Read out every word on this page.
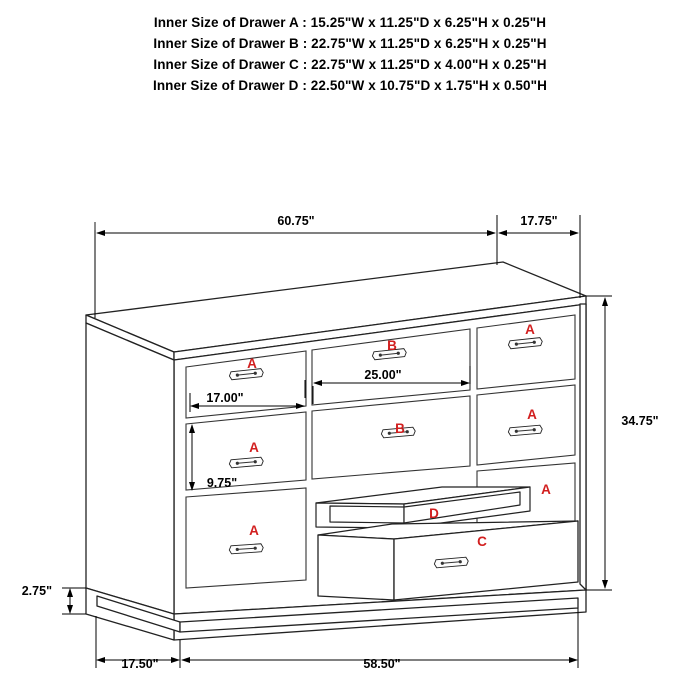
Inner Size of Drawer A : 15.25"W x 11.25"D x 6.25"H x 0.25"H
Inner Size of Drawer B : 22.75"W x 11.25"D x 6.25"H x 0.25"H
Inner Size of Drawer C : 22.75"W x 11.25"D x 4.00"H x 0.25"H
Inner Size of Drawer D : 22.50"W x 10.75"D x 1.75"H x 0.50"H
60.75"	17.75"
34.75"
17.00"
25.00"
9.75"
2.75"
17.50"	58.50"
A
B
A
A
B
A
A
A
D
C
